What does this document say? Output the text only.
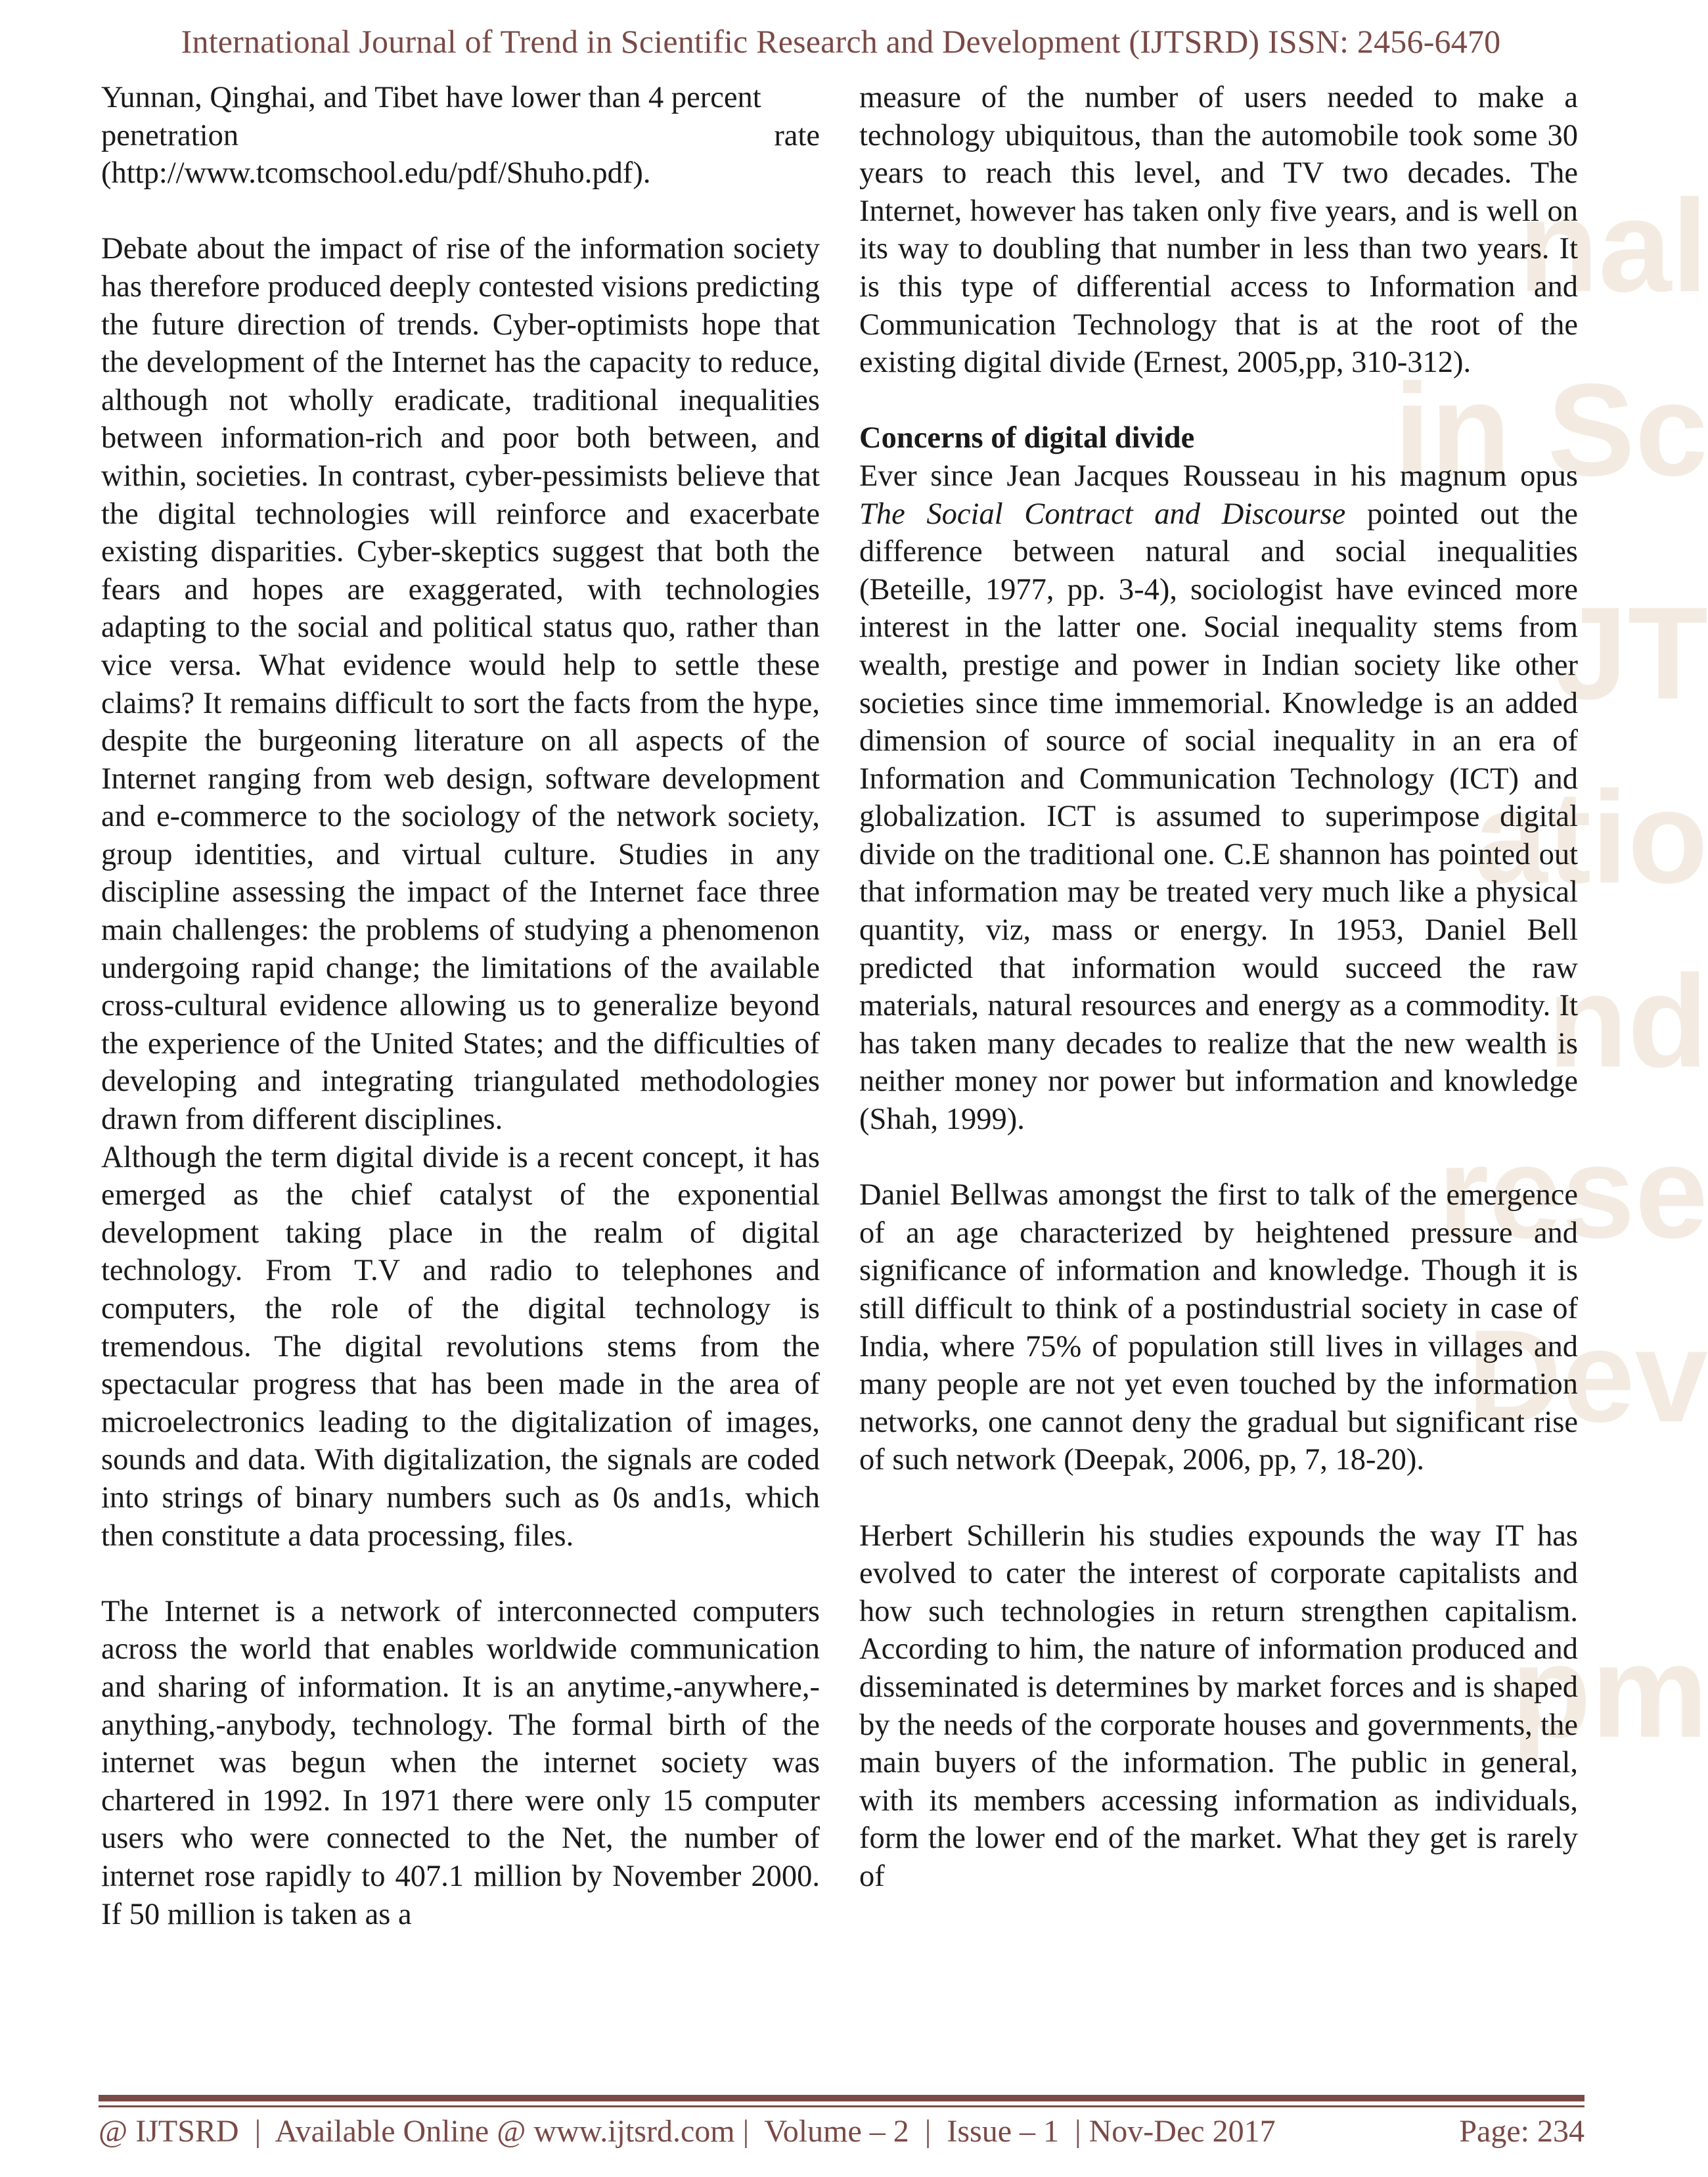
nal
in Sc
JT
atio
nd
rese
Dev
pm
International Journal of Trend in Scientific Research and Development (IJTSRD) ISSN: 2456-6470

Yunnan, Qinghai, and Tibet have lower than 4 percent

penetration rate

(http://www.tcomschool.edu/pdf/Shuho.pdf).

Debate about the impact of rise of the information society has therefore produced deeply contested visions predicting the future direction of trends. Cyber-optimists hope that the development of the Internet has the capacity to reduce, although not wholly eradicate, traditional inequalities between information-rich and poor both between, and within, societies. In contrast, cyber-pessimists believe that the digital technologies will reinforce and exacerbate existing disparities. Cyber-skeptics suggest that both the fears and hopes are exaggerated, with technologies adapting to the social and political status quo, rather than vice versa. What evidence would help to settle these claims? It remains difficult to sort the facts from the hype, despite the burgeoning literature on all aspects of the Internet ranging from web design, software development and e-commerce to the sociology of the network society, group identities, and virtual culture. Studies in any discipline assessing the impact of the Internet face three main challenges: the problems of studying a phenomenon undergoing rapid change; the limitations of the available cross-cultural evidence allowing us to generalize beyond the experience of the United States; and the difficulties of developing and integrating triangulated methodologies drawn from different disciplines.

Although the term digital divide is a recent concept, it has emerged as the chief catalyst of the exponential development taking place in the realm of digital technology. From T.V and radio to telephones and computers, the role of the digital technology is tremendous. The digital revolutions stems from the spectacular progress that has been made in the area of microelectronics leading to the digitalization of images, sounds and data. With digitalization, the signals are coded into strings of binary numbers such as 0s and1s, which then constitute a data processing, files.

The Internet is a network of interconnected computers across the world that enables worldwide communication and sharing of information. It is an anytime,-anywhere,-anything,-anybody, technology. The formal birth of the internet was begun when the internet society was chartered in 1992. In 1971 there were only 15 computer users who were connected to the Net, the number of internet rose rapidly to 407.1 million by November 2000. If 50 million is taken as a

measure of the number of users needed to make a technology ubiquitous, than the automobile took some 30 years to reach this level, and TV two decades. The Internet, however has taken only five years, and is well on its way to doubling that number in less than two years. It is this type of differential access to Information and Communication Technology that is at the root of the existing digital divide (Ernest, 2005,pp, 310-312).

Concerns of digital divide

Ever since Jean Jacques Rousseau in his magnum opus The Social Contract and Discourse pointed out the difference between natural and social inequalities (Beteille, 1977, pp. 3-4), sociologist have evinced more interest in the latter one. Social inequality stems from wealth, prestige and power in Indian society like other societies since time immemorial. Knowledge is an added dimension of source of social inequality in an era of Information and Communication Technology (ICT) and globalization. ICT is assumed to superimpose digital divide on the traditional one. C.E shannon has pointed out that information may be treated very much like a physical quantity, viz, mass or energy. In 1953, Daniel Bell predicted that information would succeed the raw materials, natural resources and energy as a commodity. It has taken many decades to realize that the new wealth is neither money nor power but information and knowledge (Shah, 1999).

Daniel Bellwas amongst the first to talk of the emergence of an age characterized by heightened pressure and significance of information and knowledge. Though it is still difficult to think of a postindustrial society in case of India, where 75% of population still lives in villages and many people are not yet even touched by the information networks, one cannot deny the gradual but significant rise of such network (Deepak, 2006, pp, 7, 18-20).

Herbert Schillerin his studies expounds the way IT has evolved to cater the interest of corporate capitalists and how such technologies in return strengthen capitalism. According to him, the nature of information produced and disseminated is determines by market forces and is shaped by the needs of the corporate houses and governments, the main buyers of the information. The public in general, with its members accessing information as individuals, form the lower end of the market. What they get is rarely of

@ IJTSRD  |  Available Online @ www.ijtsrd.com |  Volume – 2  |  Issue – 1  | Nov-Dec 2017	Page: 234
